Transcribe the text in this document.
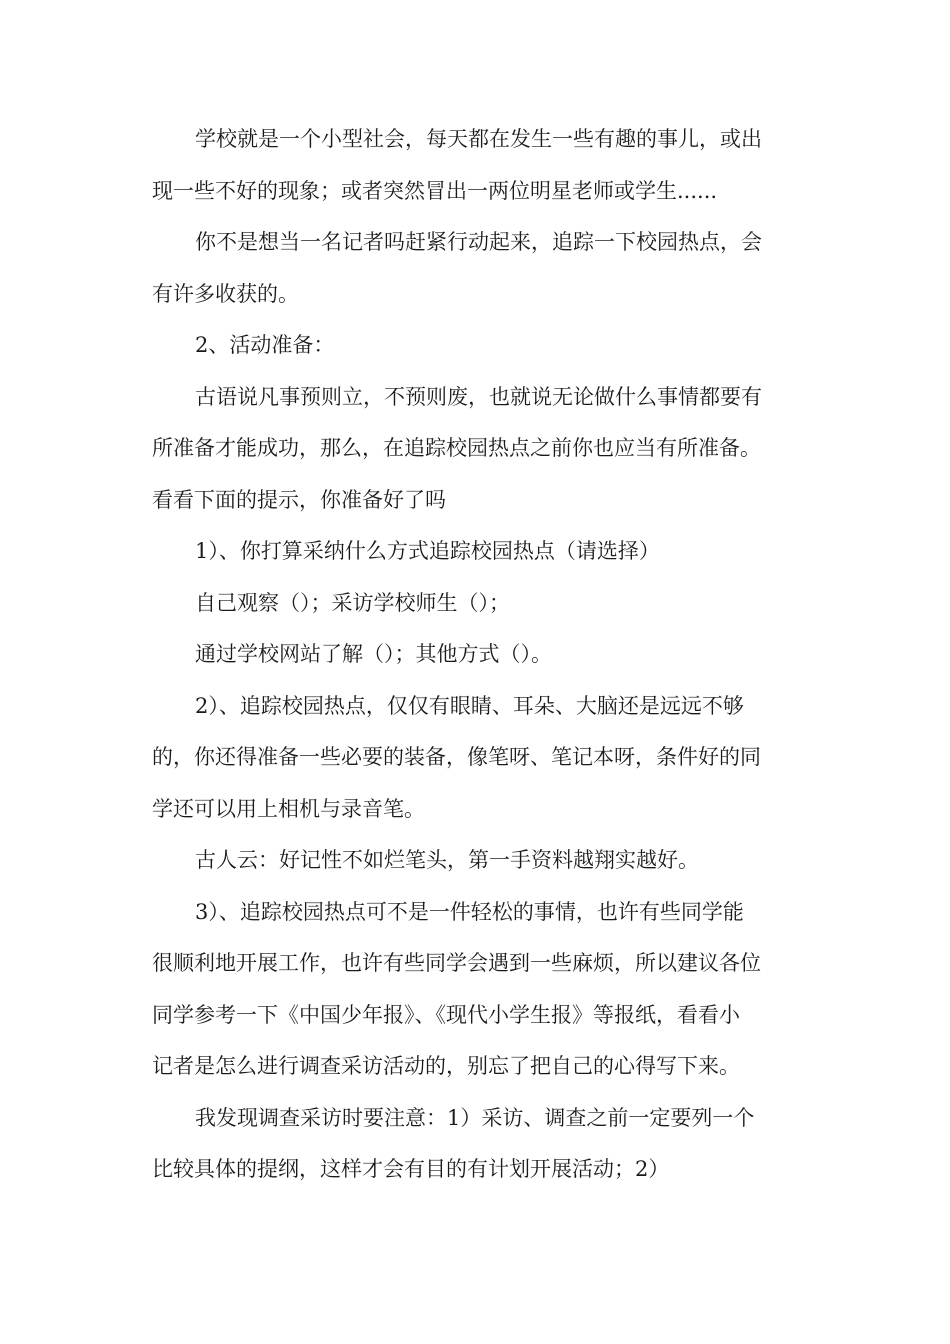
学校就是一个小型社会，每天都在发生一些有趣的事儿，或出
现一些不好的现象；或者突然冒出一两位明星老师或学生......
你不是想当一名记者吗赶紧行动起来，追踪一下校园热点，会
有许多收获的。
2、活动准备：
古语说凡事预则立，不预则废，也就说无论做什么事情都要有
所准备才能成功，那么，在追踪校园热点之前你也应当有所准备。
看看下面的提示，你准备好了吗
1）、你打算采纳什么方式追踪校园热点（请选择）
自己观察（）；采访学校师生（）；
通过学校网站了解（）；其他方式（）。
2）、追踪校园热点，仅仅有眼睛、耳朵、大脑还是远远不够
的，你还得准备一些必要的装备，像笔呀、笔记本呀，条件好的同
学还可以用上相机与录音笔。
古人云：好记性不如烂笔头，第一手资料越翔实越好。
3）、追踪校园热点可不是一件轻松的事情，也许有些同学能
很顺利地开展工作，也许有些同学会遇到一些麻烦，所以建议各位
同学参考一下《中国少年报》、《现代小学生报》等报纸，看看小
记者是怎么进行调查采访活动的，别忘了把自己的心得写下来。
我发现调查采访时要注意：1）采访、调查之前一定要列一个
比较具体的提纲，这样才会有目的有计划开展活动；2）
